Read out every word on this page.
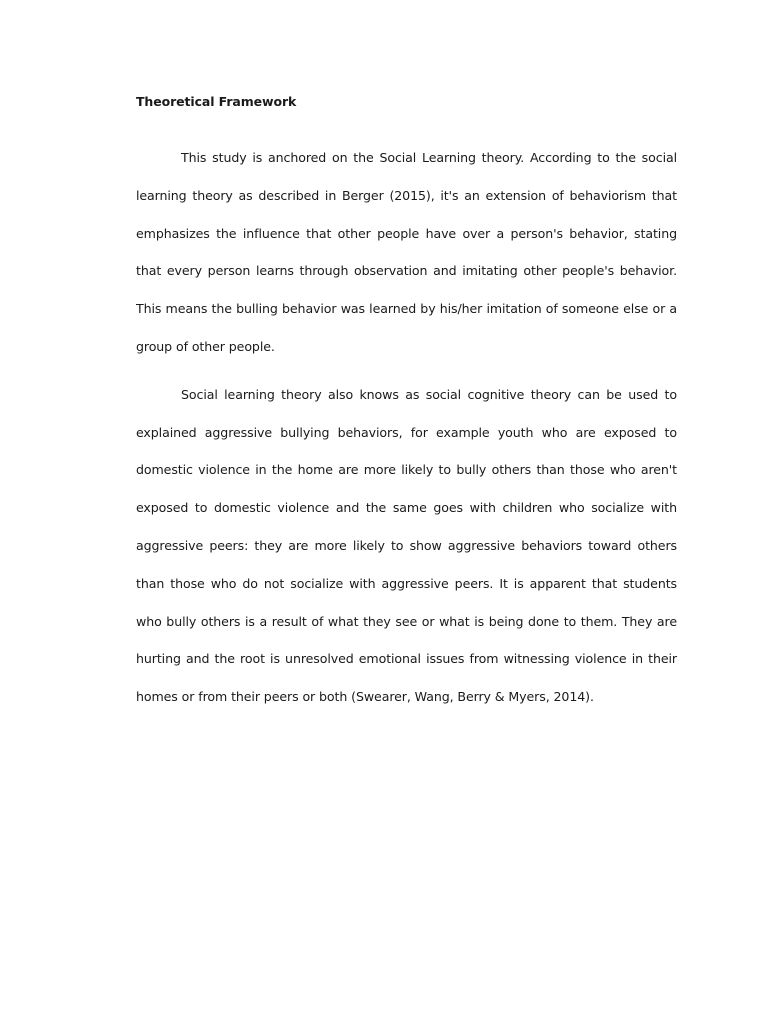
Theoretical Framework

This study is anchored on the Social Learning theory. According to the social learning theory as described in Berger (2015), it's an extension of behaviorism that emphasizes the influence that other people have over a person's behavior, stating that every person learns through observation and imitating other people's behavior. This means the bulling behavior was learned by his/her imitation of someone else or a group of other people.

Social learning theory also knows as social cognitive theory can be used to explained aggressive bullying behaviors, for example youth who are exposed to domestic violence in the home are more likely to bully others than those who aren't exposed to domestic violence and the same goes with children who socialize with aggressive peers: they are more likely to show aggressive behaviors toward others than those who do not socialize with aggressive peers. It is apparent that students who bully others is a result of what they see or what is being done to them. They are hurting and the root is unresolved emotional issues from witnessing violence in their homes or from their peers or both (Swearer, Wang, Berry & Myers, 2014).
